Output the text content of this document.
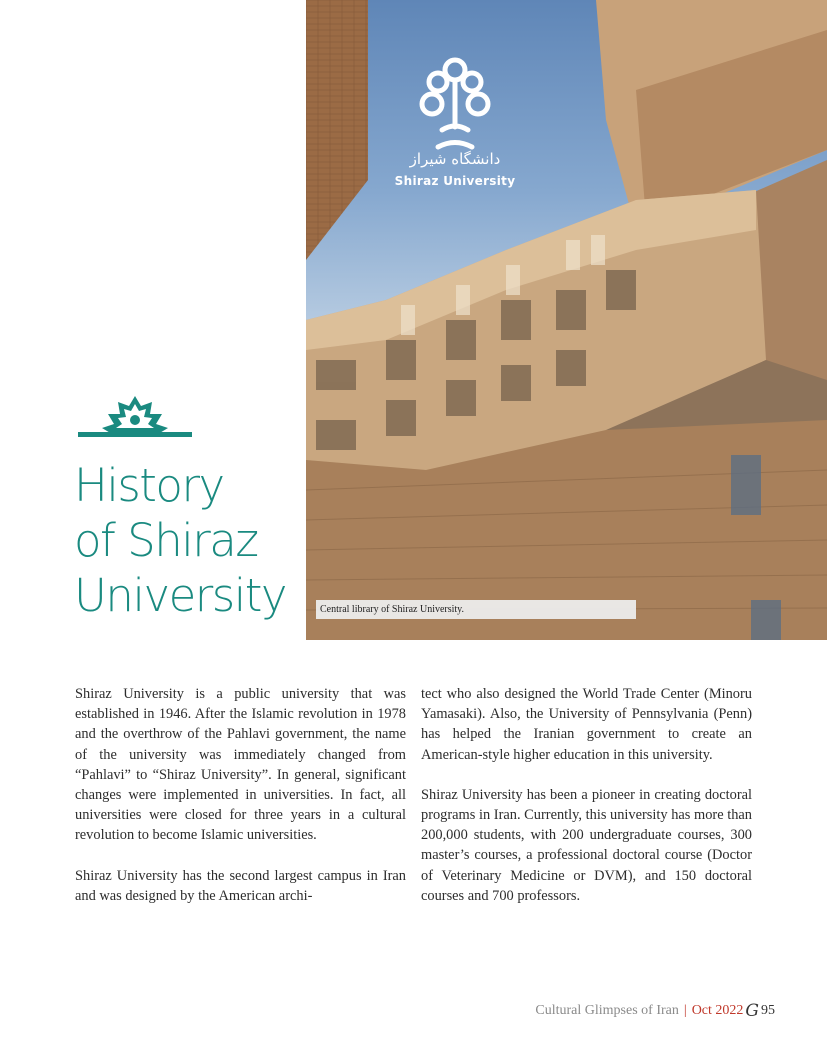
دانشگاه شیراز
Shiraz University
Central library of Shiraz University.
History
of Shiraz
University

Shiraz University is a public university that was established in 1946. After the Islamic revolution in 1978 and the overthrow of the Pahlavi government, the name of the university was immediately changed from “Pahlavi” to “Shiraz University”. In general, significant changes were implemented in universities. In fact, all universities were closed for three years in a cultural revolution to become Islamic universities.

Shiraz University has the second largest campus in Iran and was designed by the American archi-

tect who also designed the World Trade Center (Minoru Yamasaki). Also, the University of Pennsylvania (Penn) has helped the Iranian government to create an American-style higher education in this university.

Shiraz University has been a pioneer in creating doctoral programs in Iran. Currently, this university has more than 200,000 students, with 200 undergraduate courses, 300 master’s courses, a professional doctoral course (Doctor of Veterinary Medicine or DVM), and 150 doctoral courses and 700 professors.

Cultural Glimpses of Iran | Oct 2022 G 95
